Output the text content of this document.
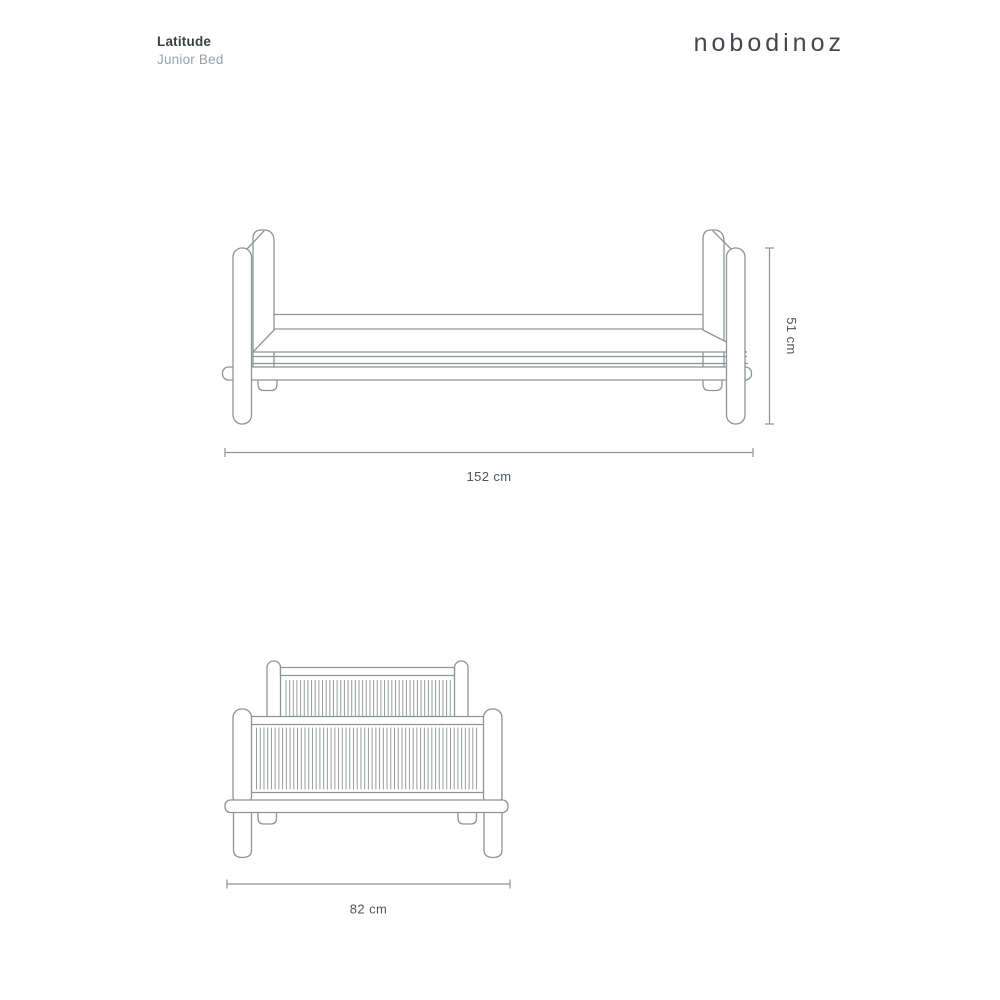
Latitude
Junior Bed
nobodinoz
152 cm
51 cm
82 cm
